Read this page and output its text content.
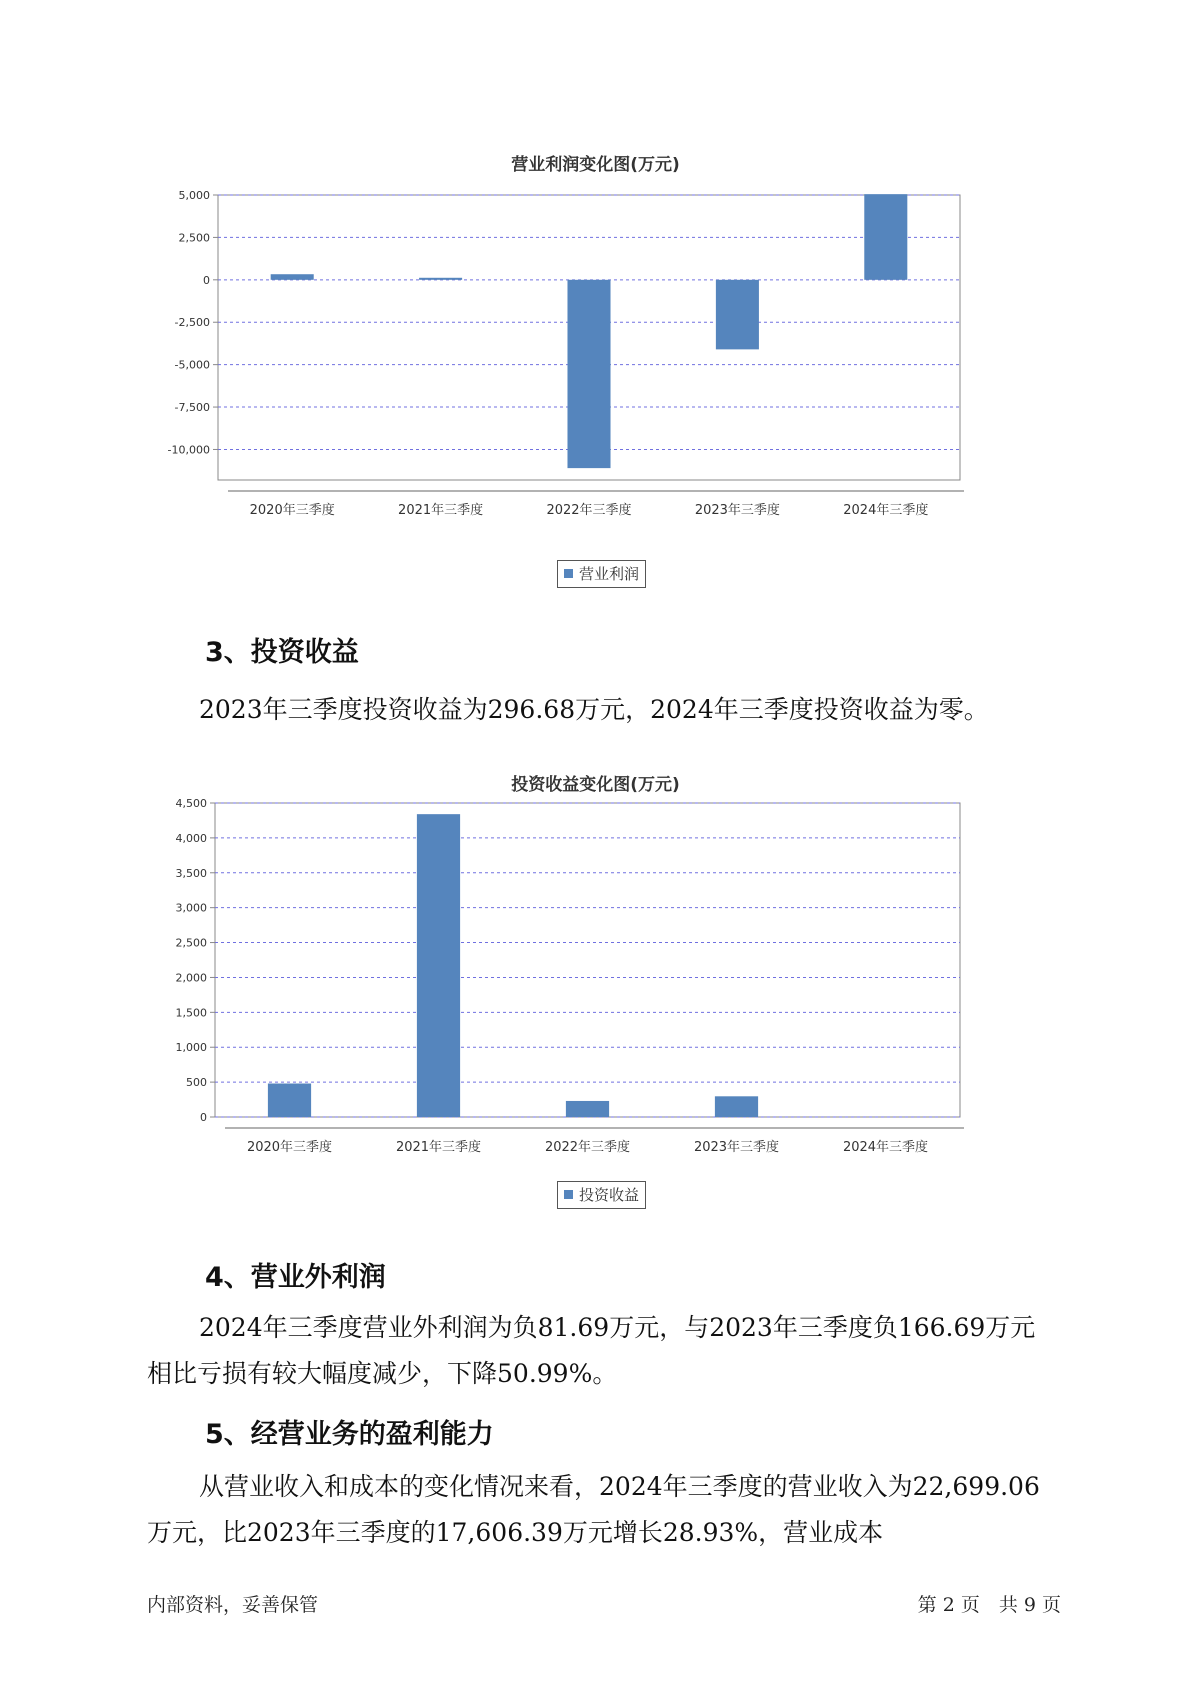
营业利润变化图(万元)
5,000
2,500
0
-2,500
-5,000
-7,500
-10,000
2020年三季度	2021年三季度	2022年三季度	2023年三季度	2024年三季度
营业利润
3、投资收益

2023年三季度投资收益为296.68万元，2024年三季度投资收益为零。

投资收益变化图(万元)
0
500
1,000
1,500
2,000
2,500
3,000
3,500
4,000
4,500
2020年三季度	2021年三季度	2022年三季度	2023年三季度	2024年三季度
投资收益
4、营业外利润

2024年三季度营业外利润为负81.69万元，与2023年三季度负166.69万元相比亏损有较大幅度减少，下降50.99%。

5、经营业务的盈利能力

从营业收入和成本的变化情况来看，2024年三季度的营业收入为22,699.06万元，比2023年三季度的17,606.39万元增长28.93%，营业成本

内部资料，妥善保管	第 2 页　共 9 页
